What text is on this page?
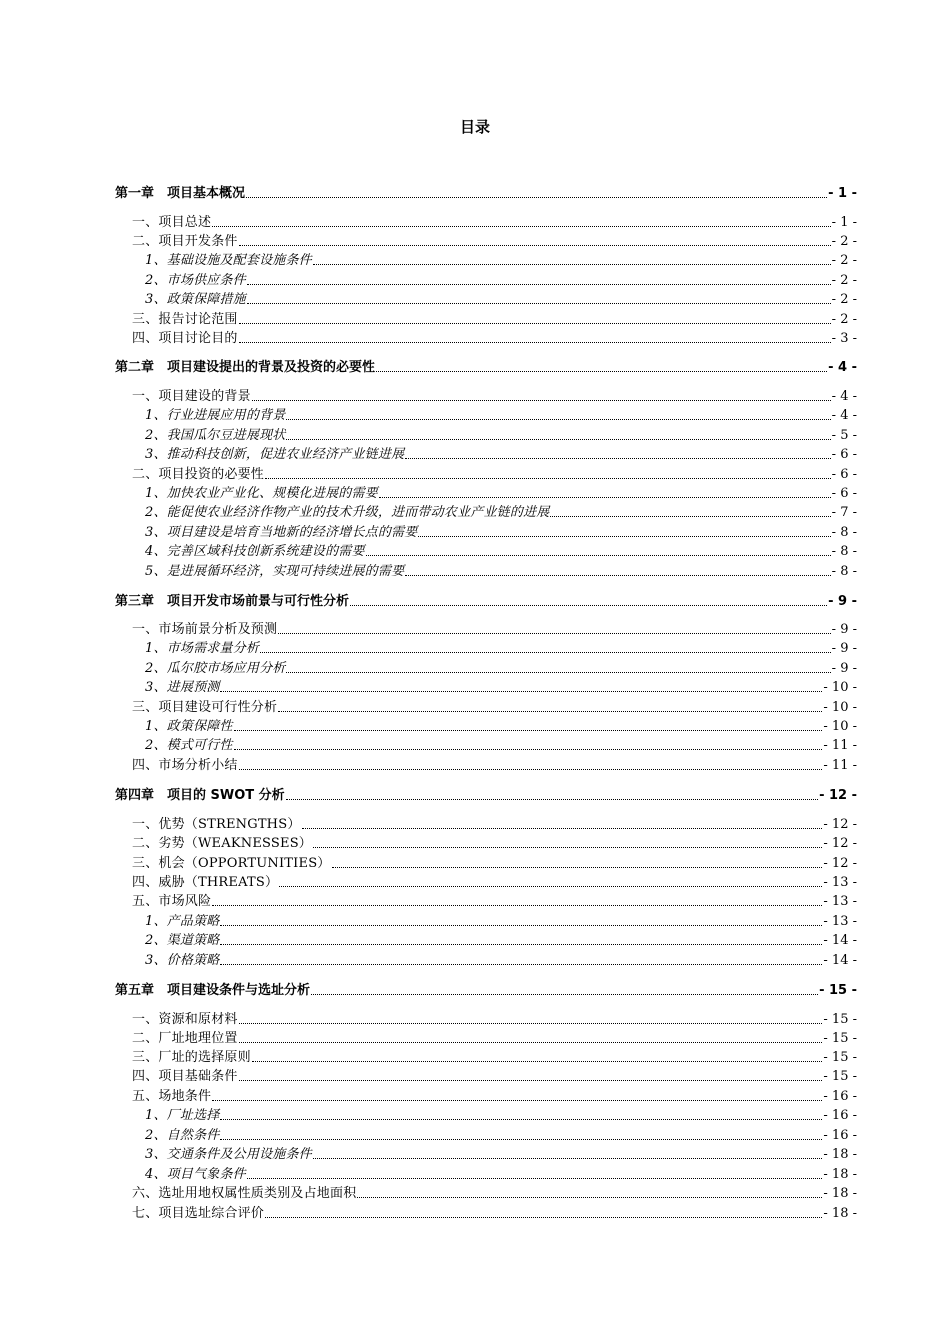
目录
第一章　项目基本概况	- 1 -
一、项目总述	- 1 -
二、项目开发条件	- 2 -
1、基础设施及配套设施条件	- 2 -
2、市场供应条件	- 2 -
3、政策保障措施	- 2 -
三、报告讨论范围	- 2 -
四、项目讨论目的	- 3 -
第二章　项目建设提出的背景及投资的必要性	- 4 -
一、项目建设的背景	- 4 -
1、行业进展应用的背景	- 4 -
2、我国瓜尔豆进展现状	- 5 -
3、推动科技创新，促进农业经济产业链进展	- 6 -
二、项目投资的必要性	- 6 -
1、加快农业产业化、规模化进展的需要	- 6 -
2、能促使农业经济作物产业的技术升级，进而带动农业产业链的进展	- 7 -
3、项目建设是培育当地新的经济增长点的需要	- 8 -
4、完善区域科技创新系统建设的需要	- 8 -
5、是进展循环经济，实现可持续进展的需要	- 8 -
第三章　项目开发市场前景与可行性分析	- 9 -
一、市场前景分析及预测	- 9 -
1、市场需求量分析	- 9 -
2、瓜尔胶市场应用分析	- 9 -
3、进展预测	- 10 -
三、项目建设可行性分析	- 10 -
1、政策保障性	- 10 -
2、模式可行性	- 11 -
四、市场分析小结	- 11 -
第四章　项目的 SWOT 分析	- 12 -
一、优势（STRENGTHS）	- 12 -
二、劣势（WEAKNESSES）	- 12 -
三、机会（OPPORTUNITIES）	- 12 -
四、威胁（THREATS）	- 13 -
五、市场风险	- 13 -
1、产品策略	- 13 -
2、渠道策略	- 14 -
3、价格策略	- 14 -
第五章　项目建设条件与选址分析	- 15 -
一、资源和原材料	- 15 -
二、厂址地理位置	- 15 -
三、厂址的选择原则	- 15 -
四、项目基础条件	- 15 -
五、场地条件	- 16 -
1、厂址选择	- 16 -
2、自然条件	- 16 -
3、交通条件及公用设施条件	- 18 -
4、项目气象条件	- 18 -
六、选址用地权属性质类别及占地面积	- 18 -
七、项目选址综合评价	- 18 -
